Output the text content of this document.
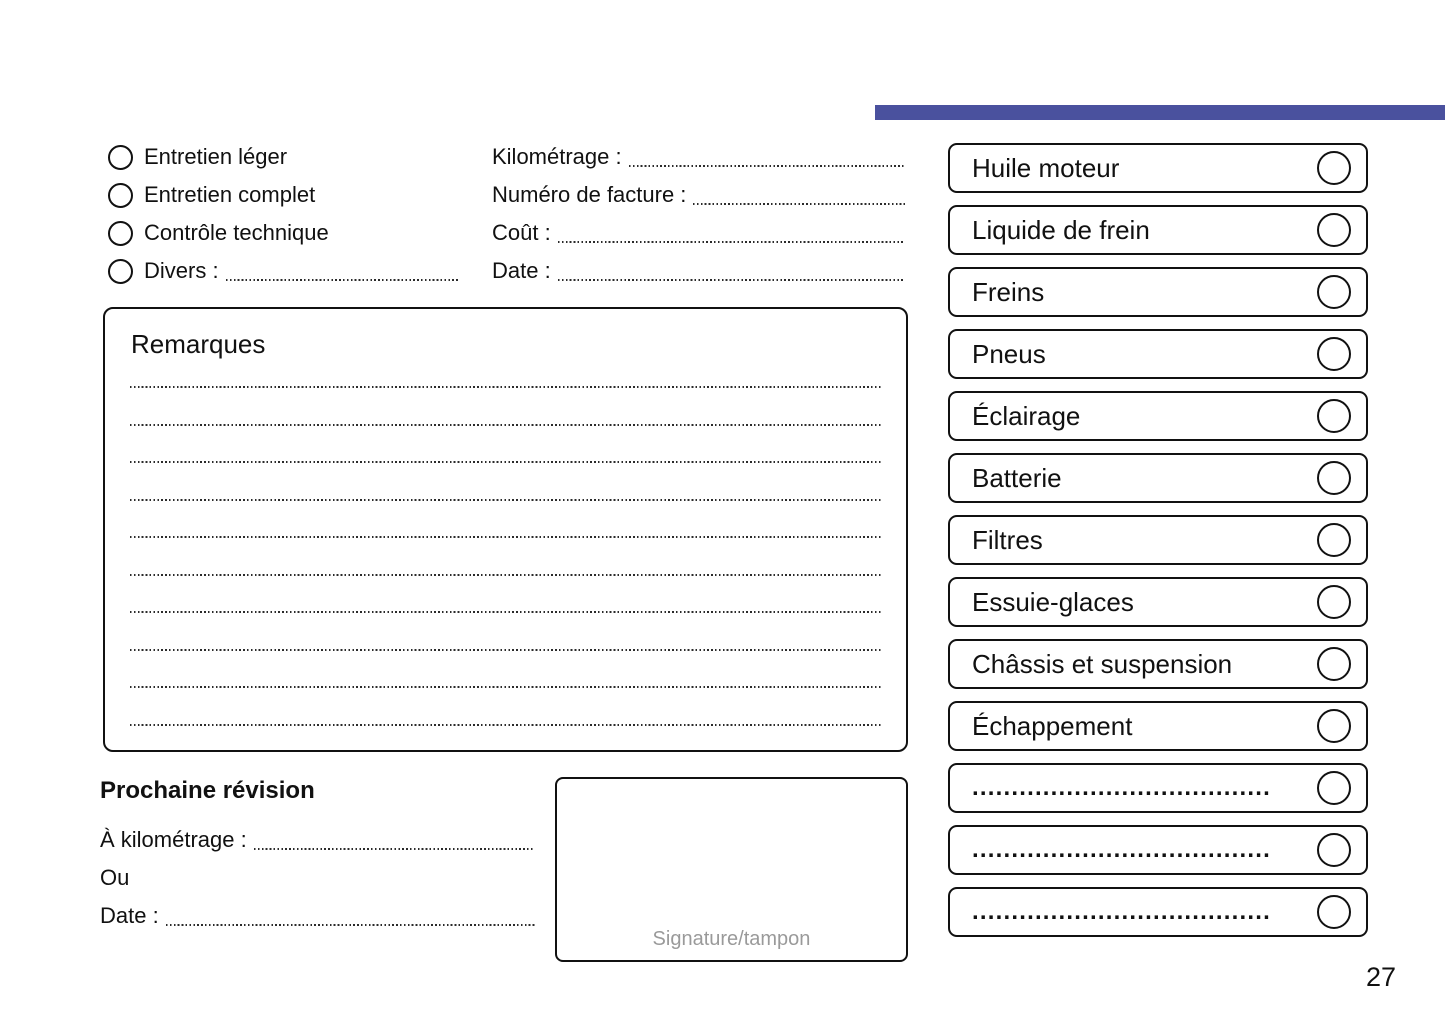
Entretien léger
Entretien complet
Contrôle technique
Divers :
Kilométrage :
Numéro de facture :
Coût :
Date :
Remarques
Prochaine révision
À kilométrage :
Ou
Date :
Signature/tampon
Huile moteur
Liquide de frein
Freins
Pneus
Éclairage
Batterie
Filtres
Essuie-glaces
Châssis et suspension
Échappement
......................................
......................................
......................................
27
